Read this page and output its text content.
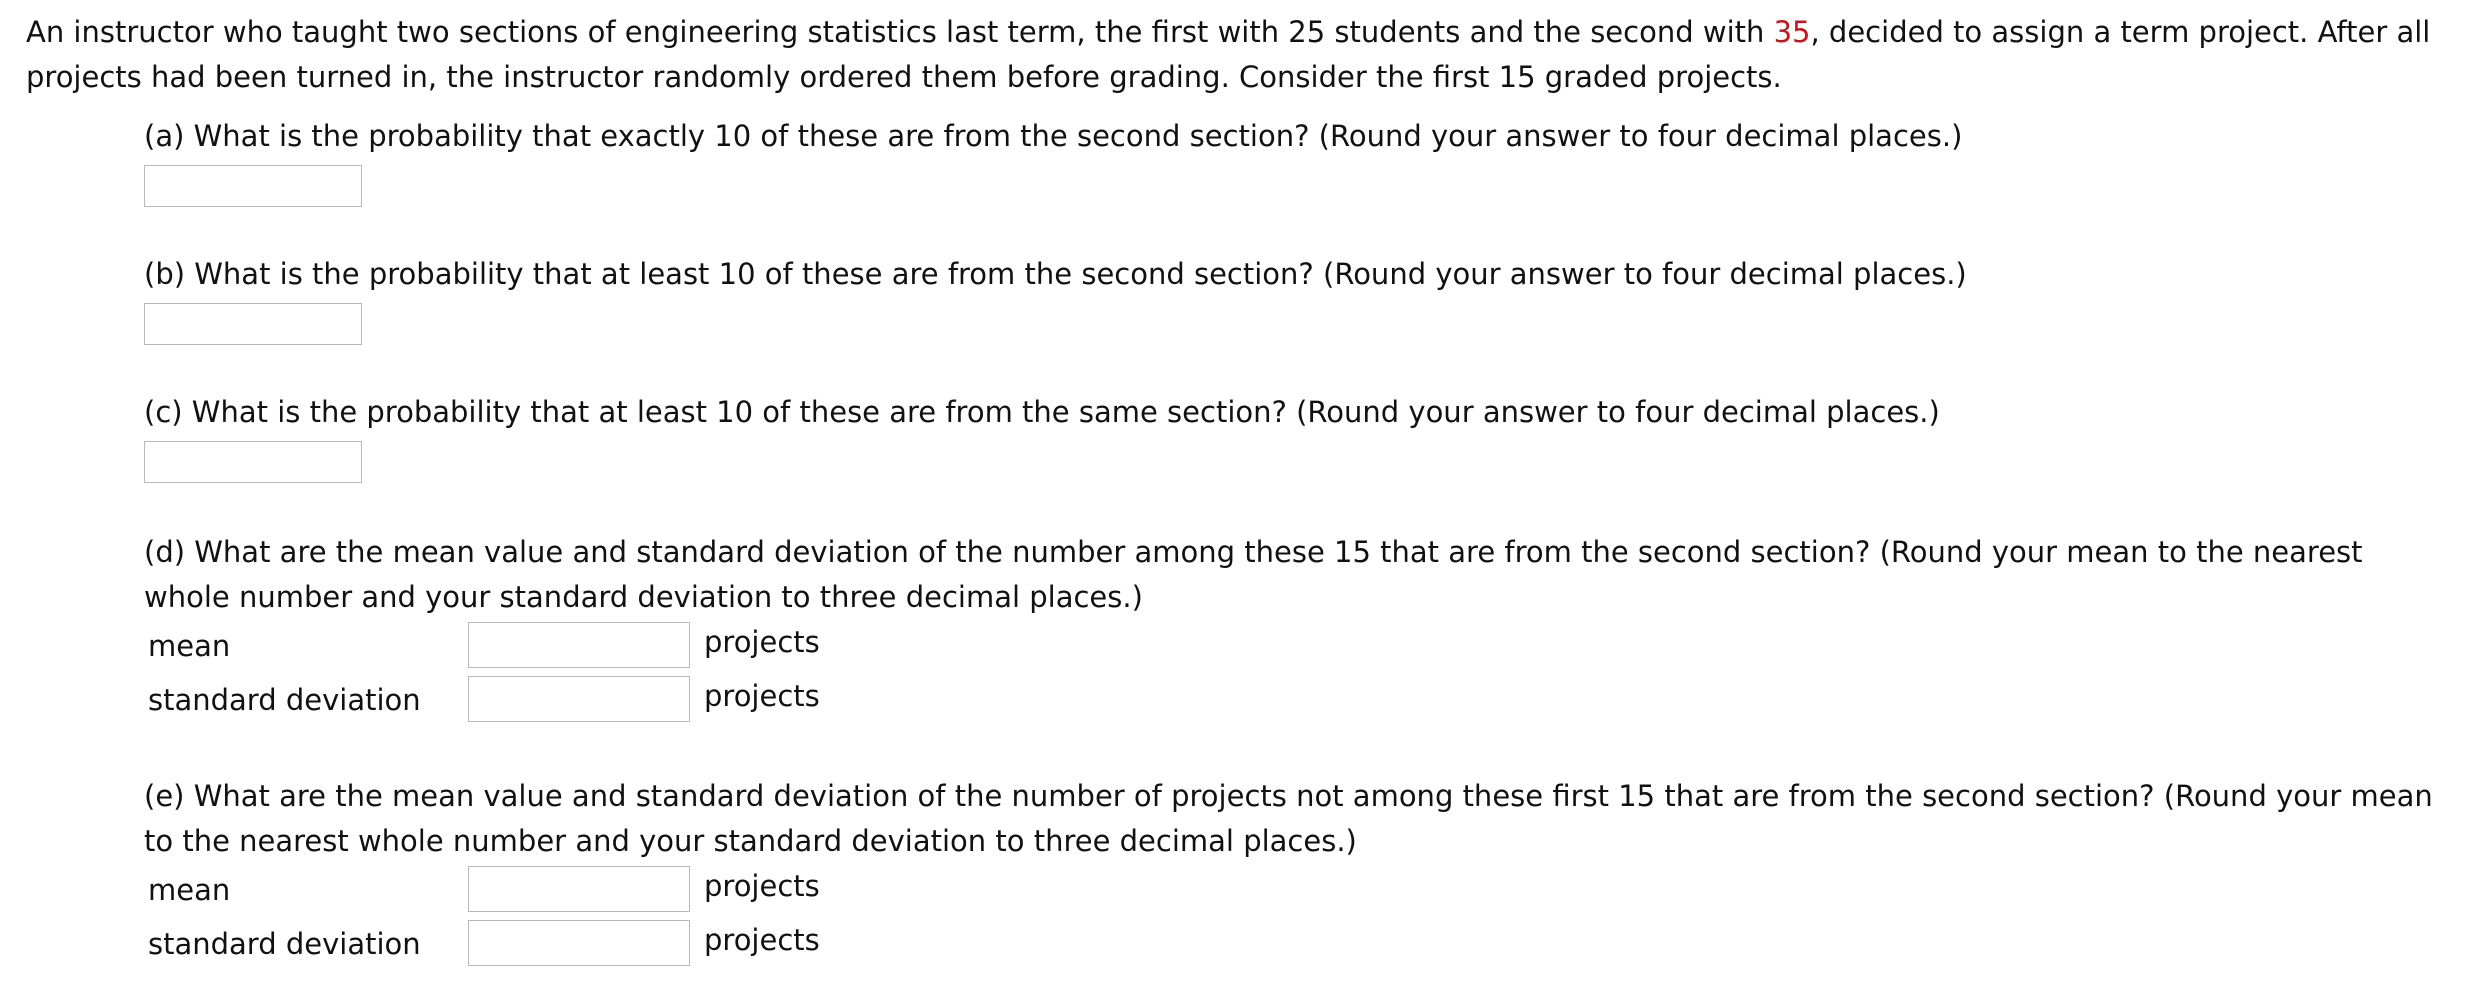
An instructor who taught two sections of engineering statistics last term, the first with 25 students and the second with 35, decided to assign a term project. After all projects had been turned in, the instructor randomly ordered them before grading. Consider the first 15 graded projects.

(a) What is the probability that exactly 10 of these are from the second section? (Round your answer to four decimal places.)

(b) What is the probability that at least 10 of these are from the second section? (Round your answer to four decimal places.)

(c) What is the probability that at least 10 of these are from the same section? (Round your answer to four decimal places.)

(d) What are the mean value and standard deviation of the number among these 15 that are from the second section? (Round your mean to the nearest whole number and your standard deviation to three decimal places.)

mean	projects
standard deviation	projects

(e) What are the mean value and standard deviation of the number of projects not among these first 15 that are from the second section? (Round your mean to the nearest whole number and your standard deviation to three decimal places.)

mean	projects
standard deviation	projects
